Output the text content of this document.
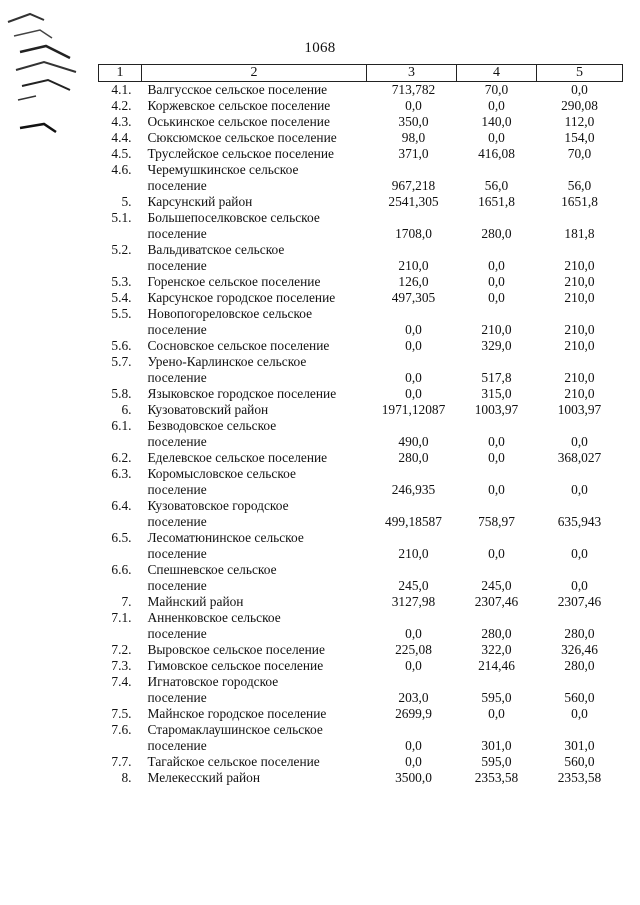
1068
1	2	3	4	5
4.1.	Валгусское сельское поселение	713,782	70,0	0,0
4.2.	Коржевское сельское поселение	0,0	0,0	290,08
4.3.	Оськинское сельское поселение	350,0	140,0	112,0
4.4.	Сюксюмское сельское поселение	98,0	0,0	154,0
4.5.	Труслейское сельское поселение	371,0	416,08	70,0
4.6.	Черемушкинское сельское
поселение	967,218	56,0	56,0
5.	Карсунский район	2541,305	1651,8	1651,8
5.1.	Большепоселковское сельское
поселение	1708,0	280,0	181,8
5.2.	Вальдиватское сельское
поселение	210,0	0,0	210,0
5.3.	Горенское сельское поселение	126,0	0,0	210,0
5.4.	Карсунское городское поселение	497,305	0,0	210,0
5.5.	Новопогореловское сельское
поселение	0,0	210,0	210,0
5.6.	Сосновское сельское поселение	0,0	329,0	210,0
5.7.	Урено-Карлинское сельское
поселение	0,0	517,8	210,0
5.8.	Языковское городское поселение	0,0	315,0	210,0
6.	Кузоватовский район	1971,12087	1003,97	1003,97
6.1.	Безводовское сельское
поселение	490,0	0,0	0,0
6.2.	Еделевское сельское поселение	280,0	0,0	368,027
6.3.	Коромысловское сельское
поселение	246,935	0,0	0,0
6.4.	Кузоватовское городское
поселение	499,18587	758,97	635,943
6.5.	Лесоматюнинское сельское
поселение	210,0	0,0	0,0
6.6.	Спешневское сельское
поселение	245,0	245,0	0,0
7.	Майнский район	3127,98	2307,46	2307,46
7.1.	Анненковское сельское
поселение	0,0	280,0	280,0
7.2.	Выровское сельское поселение	225,08	322,0	326,46
7.3.	Гимовское сельское поселение	0,0	214,46	280,0
7.4.	Игнатовское городское
поселение	203,0	595,0	560,0
7.5.	Майнское городское поселение	2699,9	0,0	0,0
7.6.	Старомаклаушинское сельское
поселение	0,0	301,0	301,0
7.7.	Тагайское сельское поселение	0,0	595,0	560,0
8.	Мелекесский район	3500,0	2353,58	2353,58
